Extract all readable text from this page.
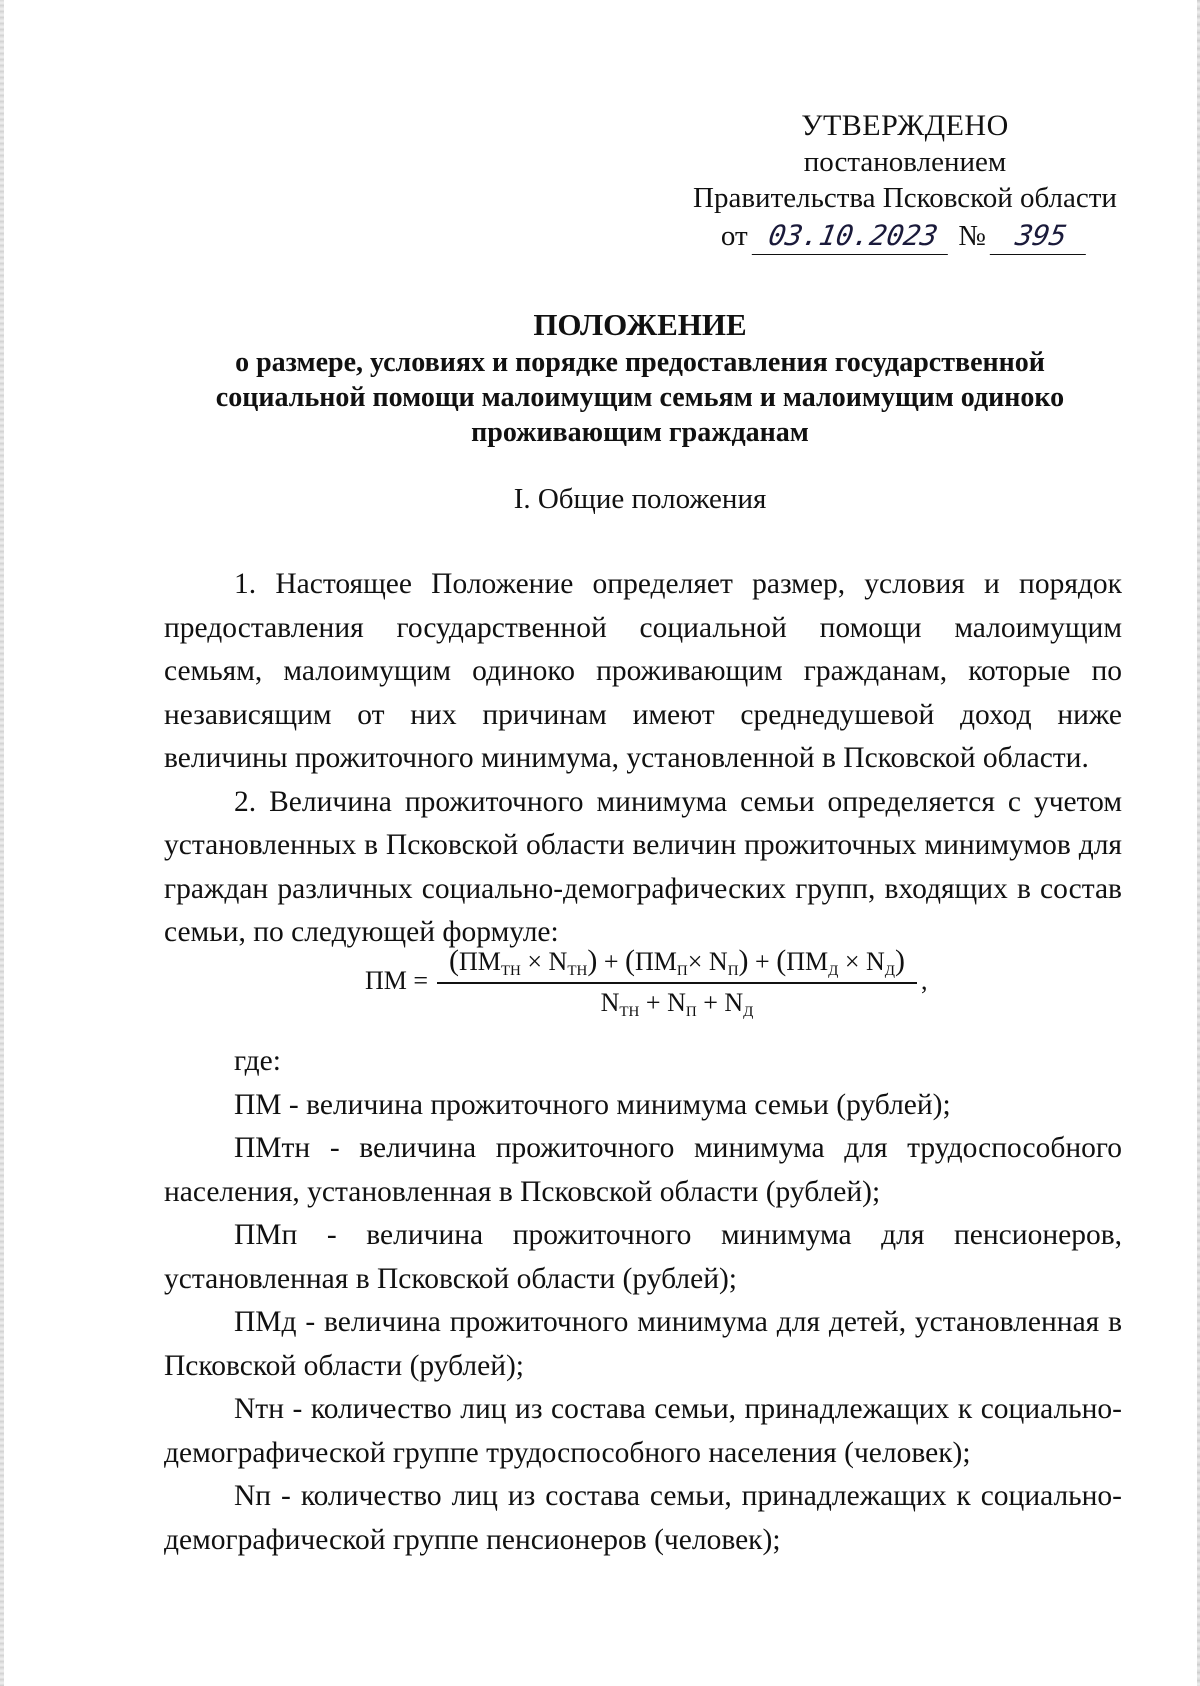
УТВЕРЖДЕНО
постановлением
Правительства Псковской области
от 03.10.2023 № 395
ПОЛОЖЕНИЕ
о размере, условиях и порядке предоставления государственной
социальной помощи малоимущим семьям и малоимущим одиноко
проживающим гражданам
I. Общие положения

1. Настоящее Положение определяет размер, условия и порядок предоставления государственной социальной помощи малоимущим семьям, малоимущим одиноко проживающим гражданам, которые по независящим от них причинам имеют среднедушевой доход ниже величины прожиточного минимума, установленной в Псковской области.

2. Величина прожиточного минимума семьи определяется с учетом установленных в Псковской области величин прожиточных минимумов для граждан различных социально-демографических групп, входящих в состав семьи, по следующей формуле:

ПМ =
(ПМТН × NТН) + (ПМП× NП) + (ПМД × NД)
NТН + NП + NД
,

где:

ПМ - величина прожиточного минимума семьи (рублей);

ПМтн - величина прожиточного минимума для трудоспособного населения, установленная в Псковской области (рублей);

ПМп - величина прожиточного минимума для пенсионеров, установленная в Псковской области (рублей);

ПМд - величина прожиточного минимума для детей, установленная в Псковской области (рублей);

Nтн - количество лиц из состава семьи, принадлежащих к социально-демографической группе трудоспособного населения (человек);

Nп - количество лиц из состава семьи, принадлежащих к социально-демографической группе пенсионеров (человек);
